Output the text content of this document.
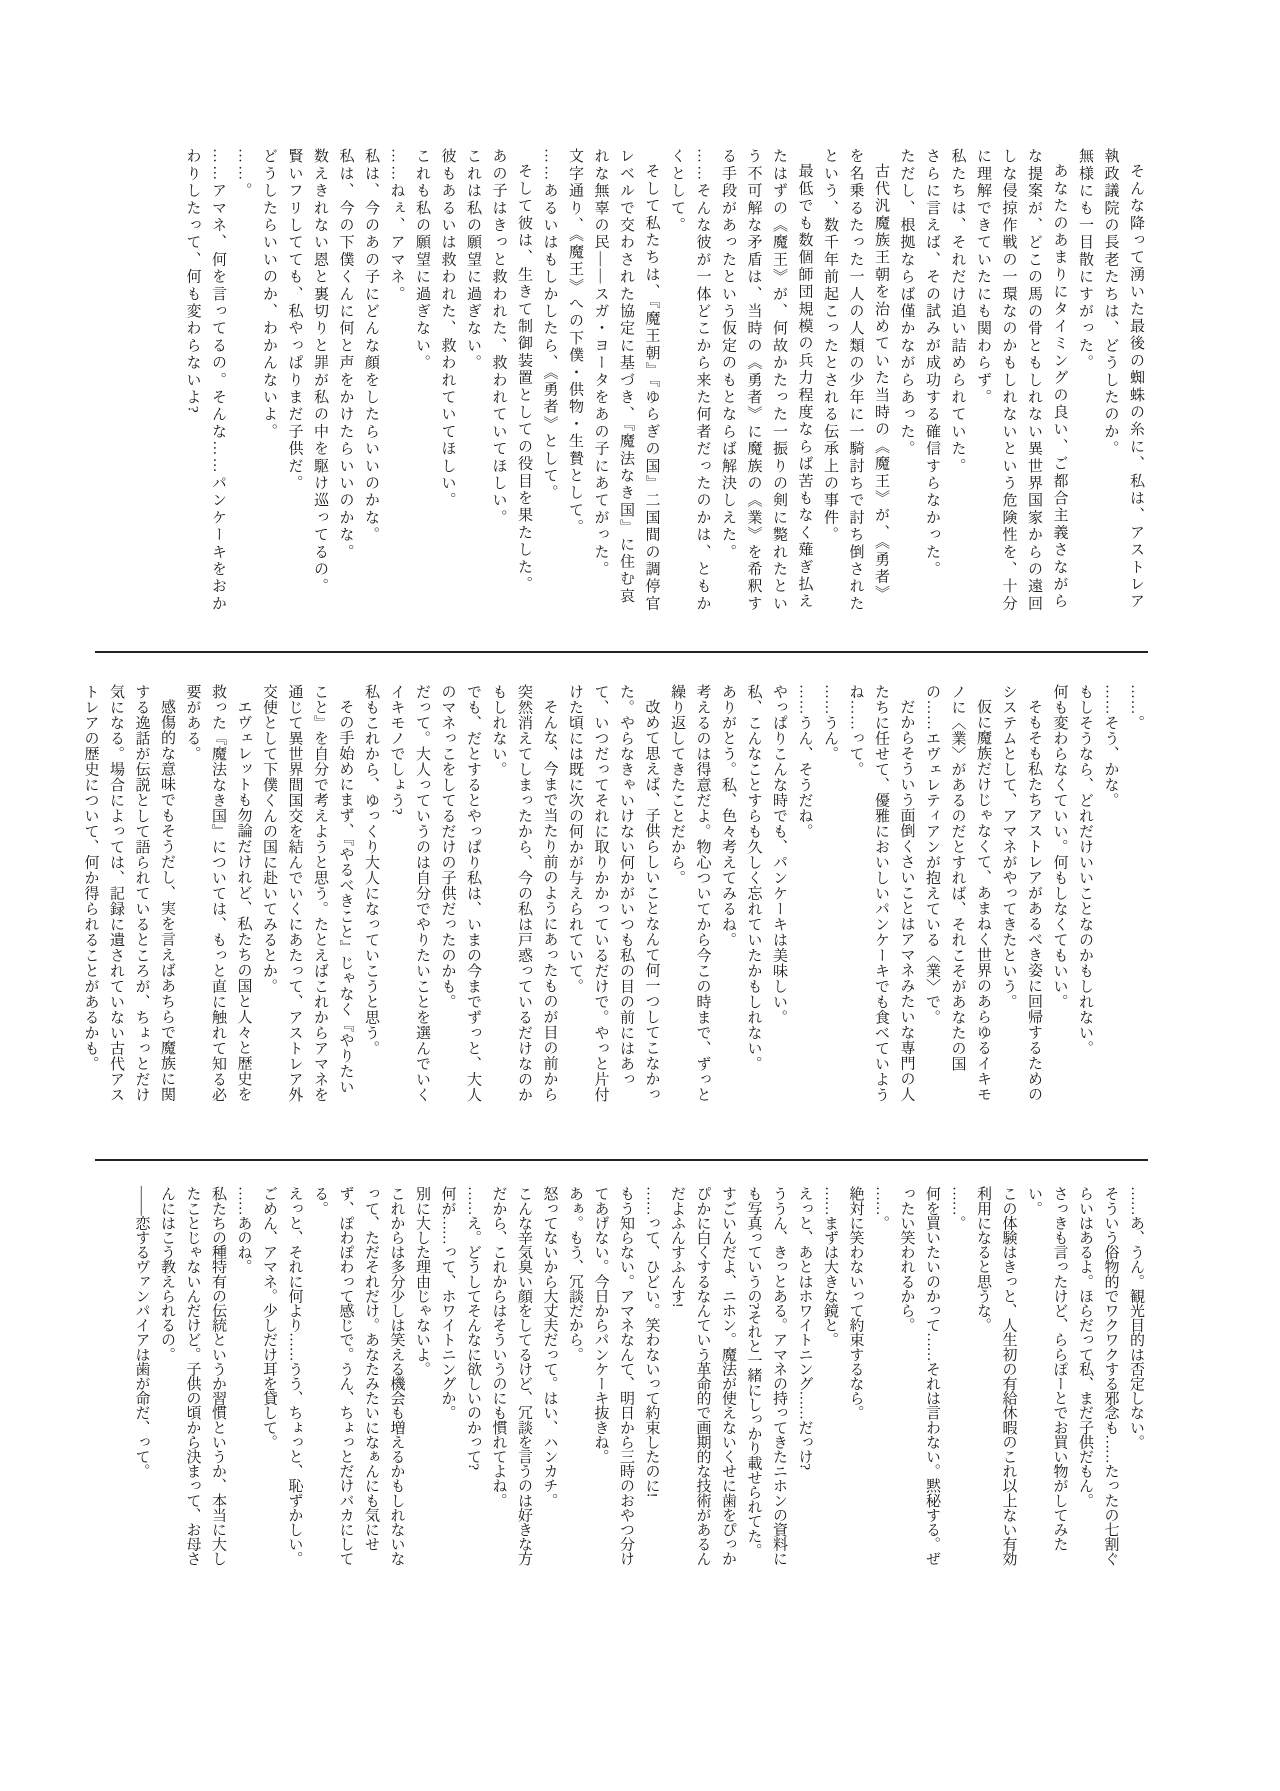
そんな降って湧いた最後の蜘蛛の糸に、私は、アストレア執政議院の長老たちは、どうしたのか。

無様にも一目散にすがった。

あなたのあまりにタイミングの良い、ご都合主義さながらな提案が、どこの馬の骨ともしれない異世界国家からの遠回しな侵掠作戦の一環なのかもしれないという危険性を、十分に理解できていたにも関わらず。

私たちは、それだけ追い詰められていた。

さらに言えば、その試みが成功する確信すらなかった。

ただし、根拠ならば僅かながらあった。

古代汎魔族王朝を治めていた当時の《魔王》が、《勇者》を名乗るたった一人の人類の少年に一騎討ちで討ち倒されたという、数千年前起こったとされる伝承上の事件。

最低でも数個師団規模の兵力程度ならば苦もなく薙ぎ払えたはずの《魔王》が、何故かたった一振りの剣に斃れたという不可解な矛盾は、当時の《勇者》に魔族の《業》を希釈する手段があったという仮定のもとならば解決しえた。

……そんな彼が一体どこから来た何者だったのかは、ともかくとして。

そして私たちは、『魔王朝』『ゆらぎの国』二国間の調停官レベルで交わされた協定に基づき、『魔法なき国』に住む哀れな無辜の民――スガ・ヨータをあの子にあてがった。

文字通り、《魔王》への下僕・供物・生贄として。

……あるいはもしかしたら、《勇者》として。

そして彼は、生きて制御装置としての役目を果たした。

あの子はきっと救われた、救われていてほしい。

これは私の願望に過ぎない。

彼もあるいは救われた、救われていてほしい。

これも私の願望に過ぎない。

……ねぇ、アマネ。

私は、今のあの子にどんな顔をしたらいいのかな。

私は、今の下僕くんに何と声をかけたらいいのかな。

数えきれない恩と裏切りと罪が私の中を駆け巡ってるの。

賢いフリしてても、私やっぱりまだ子供だ。

どうしたらいいのか、わかんないよ。

……。

……アマネ、何を言ってるの。そんな……パンケーキをおかわりしたって、何も変わらないよ?

……。

……そう、かな。

もしそうなら、どれだけいいことなのかもしれない。

何も変わらなくていい。何もしなくてもいい。

そもそも私たちアストレアがあるべき姿に回帰するためのシステムとして、アマネがやってきたという。

仮に魔族だけじゃなくて、あまねく世界のあらゆるイキモノに〈業〉があるのだとすれば、それこそがあなたの国の……エヴェレティアンが抱えている〈業〉で。

だからそういう面倒くさいことはアマネみたいな専門の人たちに任せて、優雅においしいパンケーキでも食べていようね……って。

……うん。

……うん、そうだね。

やっぱりこんな時でも、パンケーキは美味しい。

私、こんなことすらも久しく忘れていたかもしれない。

ありがとう。私、色々考えてみるね。

考えるのは得意だよ。物心ついてから今この時まで、ずっと繰り返してきたことだから。

改めて思えば、子供らしいことなんて何一つしてこなかった。やらなきゃいけない何かがいつも私の目の前にはあって、いつだってそれに取りかかっているだけで。やっと片付けた頃には既に次の何かが与えられていて。

そんな、今まで当たり前のようにあったものが目の前から突然消えてしまったから、今の私は戸惑っているだけなのかもしれない。

でも、だとするとやっぱり私は、いまの今までずっと、大人のマネっこをしてるだけの子供だったのかも。

だって。大人っていうのは自分でやりたいことを選んでいくイキモノでしょう?

私もこれから、ゆっくり大人になっていこうと思う。

その手始めにまず、『やるべきこと』じゃなく『やりたいこと』を自分で考えようと思う。たとえばこれからアマネを通じて異世界間国交を結んでいくにあたって、アストレア外交使として下僕くんの国に赴いてみるとか。

エヴェレットも勿論だけれど、私たちの国と人々と歴史を救った『魔法なき国』については、もっと直に触れて知る必要がある。

感傷的な意味でもそうだし、実を言えばあちらで魔族に関する逸話が伝説として語られているところが、ちょっとだけ気になる。場合によっては、記録に遺されていない古代アストレアの歴史について、何か得られることがあるかも。

……あ、うん。観光目的は否定しない。

そういう俗物的でワクワクする邪念も……たったの七割ぐらいはあるよ。ほらだって私、まだ子供だもん。

さっきも言ったけど、ららぽーとでお買い物がしてみたい。

この体験はきっと、人生初の有給休暇のこれ以上ない有効利用になると思うな。

……。

何を買いたいのかって……それは言わない。黙秘する。ぜったい笑われるから。

……。

絶対に笑わないって約束するなら。

……まずは大きな鏡と。

えっと、あとはホワイトニング……だっけ?

ううん、きっとある。アマネの持ってきたニホンの資料にも写真っていうの?それと一緒にしっかり載せられてた。

すごいんだよ、ニホン。魔法が使えないくせに歯をぴっかぴかに白くするなんていう革命的で画期的な技術があるんだよふんすふんす!

……って、ひどい。笑わないって約束したのに!

もう知らない。アマネなんて、明日から三時のおやつ分けてあげない。今日からパンケーキ抜きね。

あぁ。もう、冗談だから。

怒ってないから大丈夫だって。はい、ハンカチ。

こんな辛気臭い顔をしてるけど、冗談を言うのは好きな方だから、これからはそういうのにも慣れてよね。

……え。どうしてそんなに欲しいのかって?

何が……って、ホワイトニングか。

別に大した理由じゃないよ。

これからは多分少しは笑える機会も増えるかもしれないなって、ただそれだけ。あなたみたいになぁんにも気にせず、ぽわぽわって感じで。うん、ちょっとだけバカにしてる。

えっと、それに何より……うう、ちょっと、恥ずかしい。

ごめん、アマネ。少しだけ耳を貸して。

……あのね。

私たちの種特有の伝統というか習慣というか、本当に大したことじゃないんだけど。子供の頃から決まって、お母さんにはこう教えられるの。

――恋するヴァンパイアは歯が命だ、って。
